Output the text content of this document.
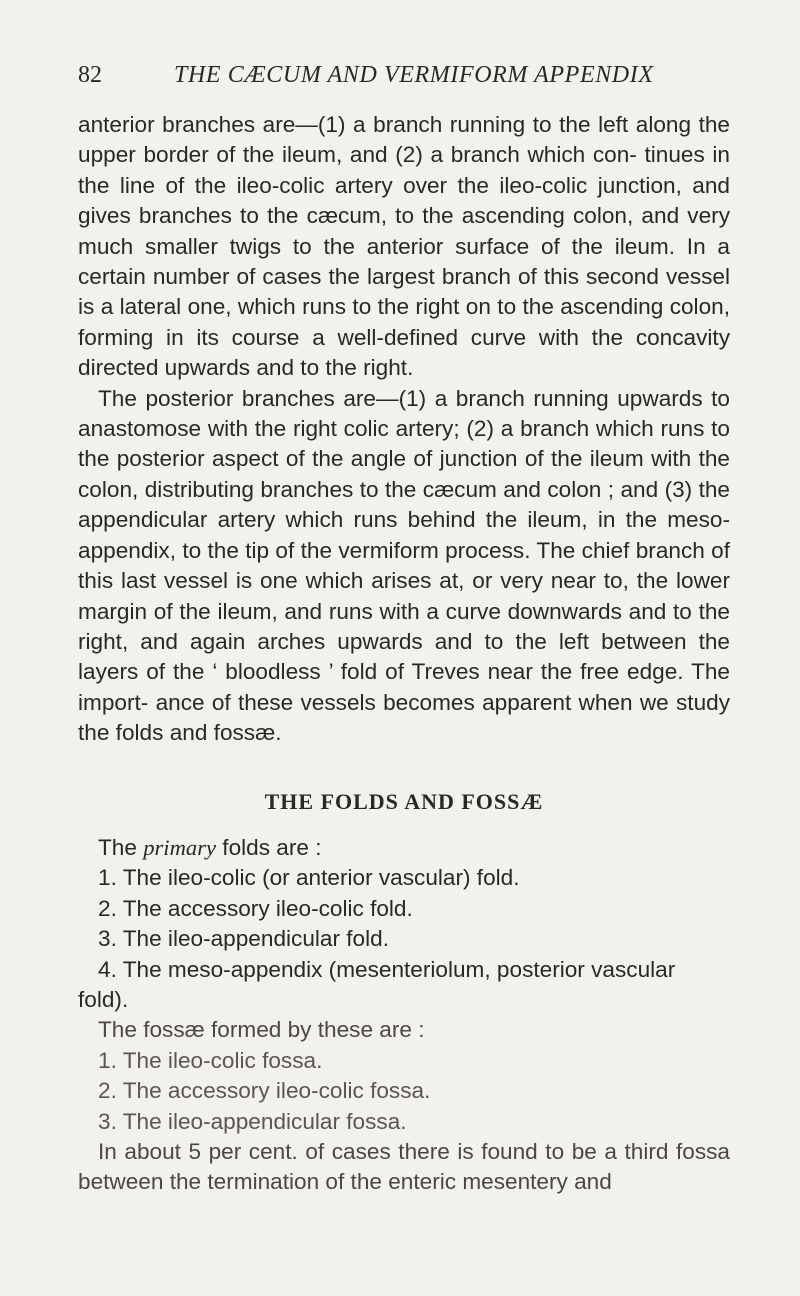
82	THE CÆCUM AND VERMIFORM APPENDIX

anterior branches are—(1) a branch running to the left along the upper border of the ileum, and (2) a branch which con- tinues in the line of the ileo-colic artery over the ileo-colic junction, and gives branches to the cæcum, to the ascending colon, and very much smaller twigs to the anterior surface of the ileum. In a certain number of cases the largest branch of this second vessel is a lateral one, which runs to the right on to the ascending colon, forming in its course a well-defined curve with the concavity directed upwards and to the right.

The posterior branches are—(1) a branch running upwards to anastomose with the right colic artery; (2) a branch which runs to the posterior aspect of the angle of junction of the ileum with the colon, distributing branches to the cæcum and colon ; and (3) the appendicular artery which runs behind the ileum, in the meso-appendix, to the tip of the vermiform process. The chief branch of this last vessel is one which arises at, or very near to, the lower margin of the ileum, and runs with a curve downwards and to the right, and again arches upwards and to the left between the layers of the ‘ bloodless ’ fold of Treves near the free edge. The import- ance of these vessels becomes apparent when we study the folds and fossæ.

THE FOLDS AND FOSSÆ

The primary folds are :

1. The ileo-colic (or anterior vascular) fold.

2. The accessory ileo-colic fold.

3. The ileo-appendicular fold.

4. The meso-appendix (mesenteriolum, posterior vascular fold).

The fossæ formed by these are :

1. The ileo-colic fossa.

2. The accessory ileo-colic fossa.

3. The ileo-appendicular fossa.

In about 5 per cent. of cases there is found to be a third fossa between the termination of the enteric mesentery and
